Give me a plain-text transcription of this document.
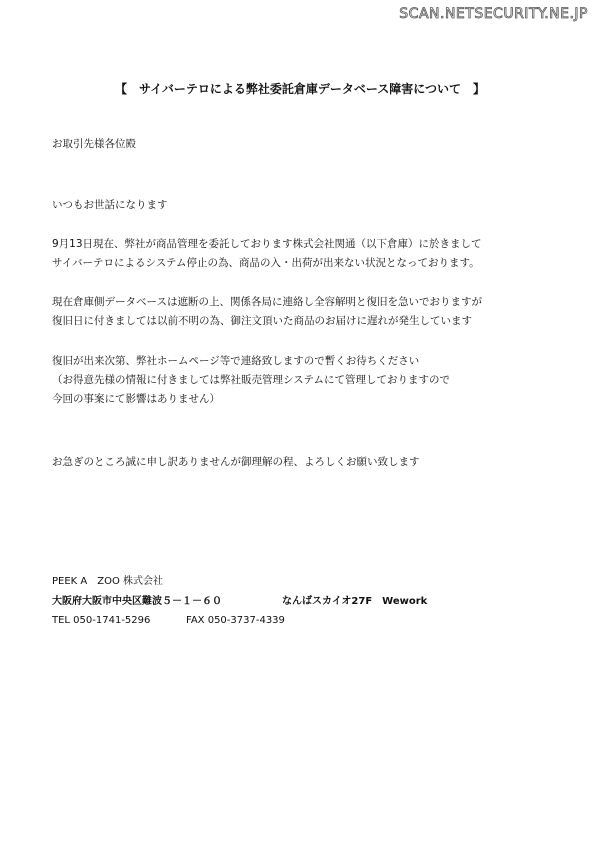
SCAN.NETSECURITY.NE.JP
【　サイバーテロによる弊社委託倉庫データベース障害について　】
お取引先様各位殿
いつもお世話になります
9月13日現在、弊社が商品管理を委託しております株式会社関通（以下倉庫）に於きまして
サイバーテロによるシステム停止の為、商品の入・出荷が出来ない状況となっております。
現在倉庫側データベースは遮断の上、関係各局に連絡し全容解明と復旧を急いでおりますが
復旧日に付きましては以前不明の為、御注文頂いた商品のお届けに遅れが発生しています
復旧が出来次第、弊社ホームページ等で連絡致しますので暫くお待ちください
（お得意先様の情報に付きましては弊社販売管理システムにて管理しておりますので
今回の事案にて影響はありません）
お急ぎのところ誠に申し訳ありませんが御理解の程、よろしくお願い致します
PEEK A　ZOO 株式会社
大阪府大阪市中央区難波５－１－６０	なんばスカイオ27F　Wework
TEL 050-1741-5296	FAX 050-3737-4339
